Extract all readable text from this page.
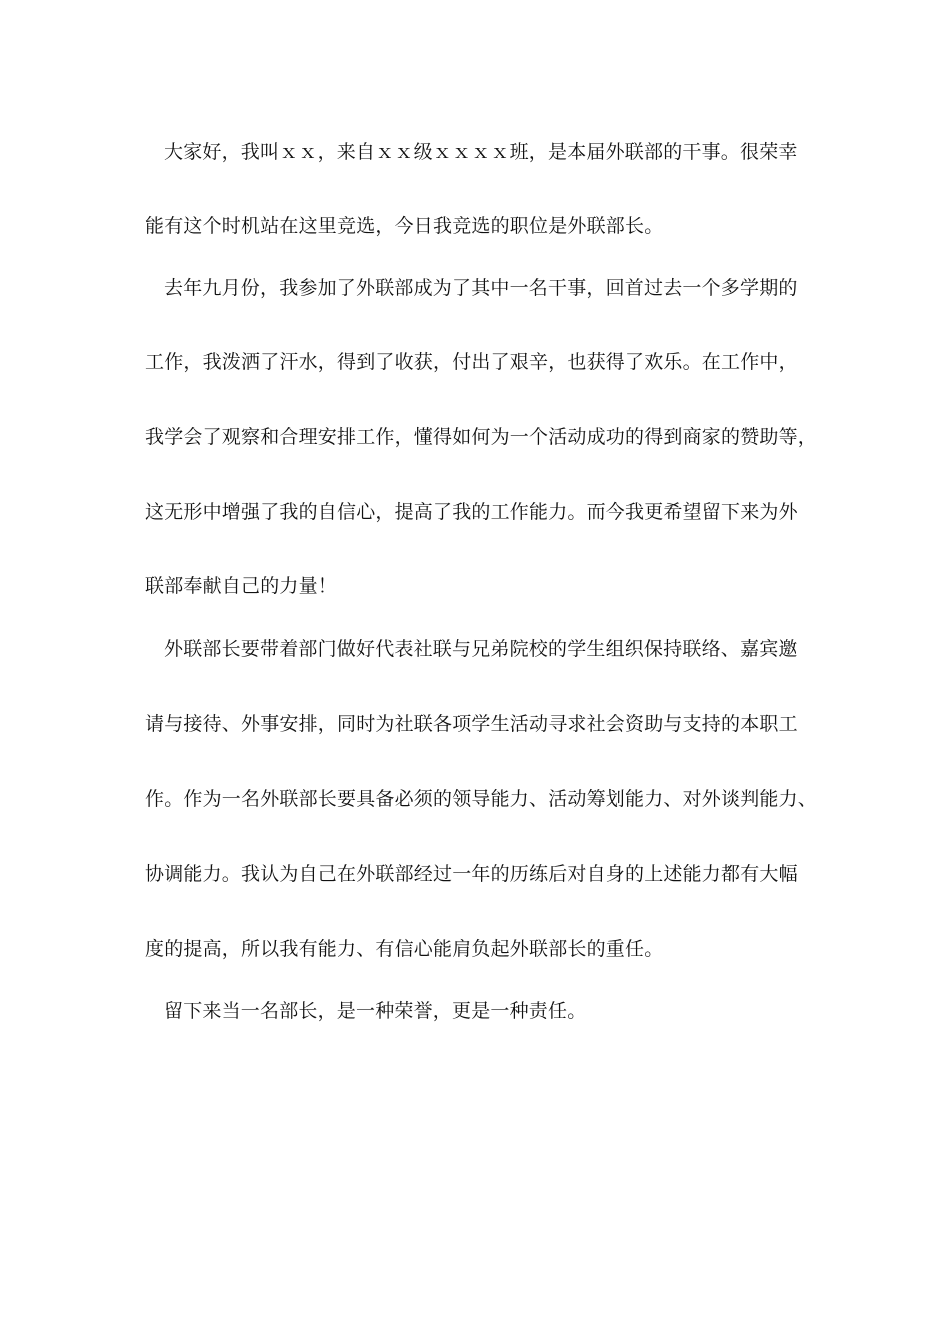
大家好，我叫ｘｘ，来自ｘｘ级ｘｘｘｘ班，是本届外联部的干事。很荣幸
能有这个时机站在这里竞选，今日我竞选的职位是外联部长。
去年九月份，我参加了外联部成为了其中一名干事，回首过去一个多学期的
工作，我泼洒了汗水，得到了收获，付出了艰辛，也获得了欢乐。在工作中，
我学会了观察和合理安排工作，懂得如何为一个活动成功的得到商家的赞助等，
这无形中增强了我的自信心，提高了我的工作能力。而今我更希望留下来为外
联部奉献自己的力量！
外联部长要带着部门做好代表社联与兄弟院校的学生组织保持联络、嘉宾邀
请与接待、外事安排，同时为社联各项学生活动寻求社会资助与支持的本职工
作。作为一名外联部长要具备必须的领导能力、活动筹划能力、对外谈判能力、
协调能力。我认为自己在外联部经过一年的历练后对自身的上述能力都有大幅
度的提高，所以我有能力、有信心能肩负起外联部长的重任。
留下来当一名部长，是一种荣誉，更是一种责任。
